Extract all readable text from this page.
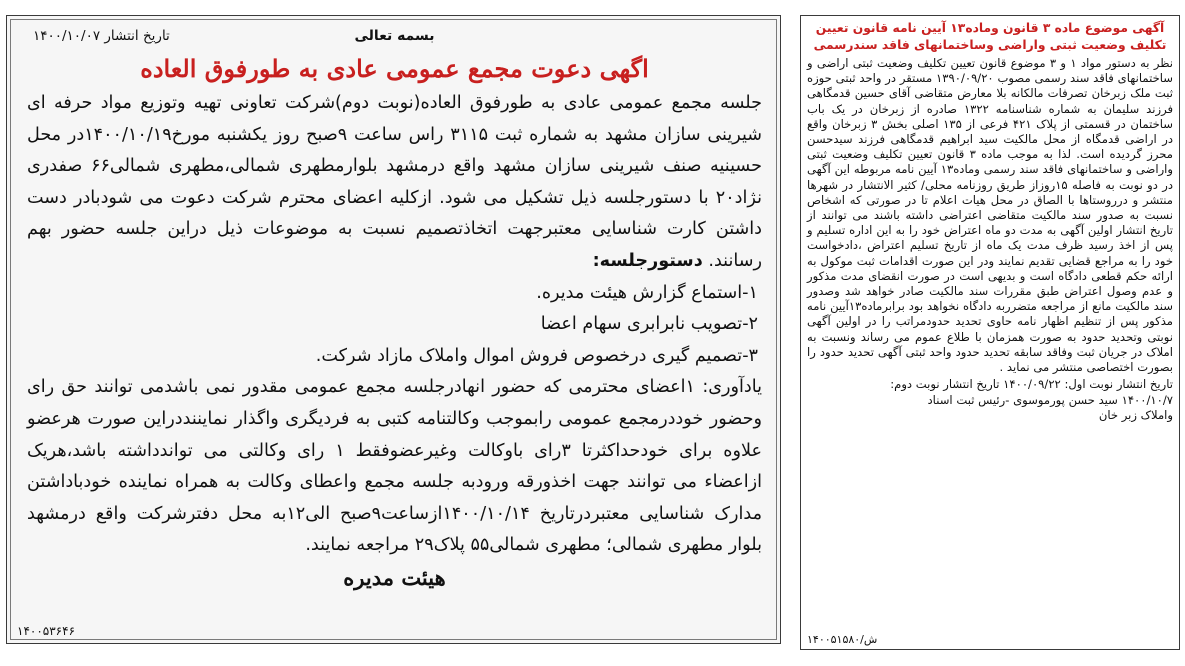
بسمه تعالی
تاریخ انتشار ۱۴۰۰/۱۰/۰۷
اگهی دعوت مجمع عمومی عادی به طورفوق العاده

جلسه مجمع عمومی عادی به طورفوق العاده(نوبت دوم)شرکت تعاونی تهیه وتوزیع مواد حرفه ای شیرینی سازان مشهد به شماره ثبت ۳۱۱۵ راس ساعت ۹صبح روز یکشنبه مورخ۱۴۰۰/۱۰/۱۹در محل حسینیه صنف شیرینی سازان مشهد واقع درمشهد بلوارمطهری شمالی،مطهری شمالی۶۶ صفدری نژاد۲۰ با دستورجلسه ذیل تشکیل می شود. ازکلیه اعضای محترم شرکت دعوت می شودبادر دست داشتن کارت شناسایی معتبرجهت اتخاذتصمیم نسبت به موضوعات ذیل دراین جلسه حضور بهم رسانند. دستورجلسه:

۱-استماع گزارش هیئت مدیره.
۲-تصویب نابرابری سهام اعضا
۳-تصمیم گیری درخصوص فروش اموال واملاک مازاد شرکت.
یادآوری: ۱اعضای محترمی که حضور انهادرجلسه مجمع عمومی مقدور نمی باشدمی توانند حق رای وحضور خوددرمجمع عمومی رابموجب وکالتنامه کتبی به فردیگری واگذار نمایننددراین صورت هرعضو علاوه برای خودحداکثرتا ۳رای باوکالت وغیرعضوفقط ۱ رای وکالتی می تواندداشته باشد،هریک ازاعضاء می توانند جهت اخذورقه ورودبه جلسه مجمع واعطای وکالت به همراه نماینده خودباداشتن مدارک شناسایی معتبردرتاریخ ۱۴۰۰/۱۰/۱۴ازساعت۹صبح الی۱۲به محل دفترشرکت واقع درمشهد بلوار مطهری شمالی؛ مطهری شمالی۵۵ پلاک۲۹ مراجعه نمایند.
هیئت مدیره
۱۴۰۰۵۳۶۴۶
آگهی موضوع ماده ۳ قانون وماده۱۳ آیین نامه قانون تعیین تکلیف وضعیت ثبتی واراضی وساختمانهای فاقد سندرسمی
نظر به دستور مواد ۱ و ۳ موضوع قانون تعیین تکلیف وضعیت ثبتی اراضی و ساختمانهای فاقد سند رسمی مصوب ۱۳۹۰/۰۹/۲۰ مستقر در واحد ثبتی حوزه ثبت ملک زبرخان تصرفات مالکانه بلا معارض متقاضی آقای حسین قدمگاهی فرزند سلیمان به شماره شناسنامه ۱۳۲۲ صادره از زبرخان در یک باب ساختمان در قسمتی از پلاک ۴۲۱ فرعی از ۱۳۵ اصلی بخش ۳ زبرخان واقع در اراضی قدمگاه از محل مالکیت سید ابراهیم قدمگاهی فرزند سیدحسن محرز گردیده است. لذا به موجب ماده ۳ قانون تعیین تکلیف وضعیت ثبتی واراضی و ساختمانهای فاقد سند رسمی وماده۱۳ آیین نامه مربوطه این آگهی در دو نوبت به فاصله ۱۵روزاز طریق روزنامه محلی/ کثیر الانتشار در شهرها منتشر و درروستاها با الصاق در محل هیات اعلام تا در صورتی که اشخاص نسبت به صدور سند مالکیت متقاضی اعتراضی داشته باشند می توانند از تاریخ انتشار اولین آگهی به مدت دو ماه اعتراض خود را به این اداره تسلیم و پس از اخذ رسید ظرف مدت یک ماه از تاریخ تسلیم اعتراض ،دادخواست خود را به مراجع قضایی تقدیم نمایند ودر این صورت اقدامات ثبت موکول به ارائه حکم قطعی دادگاه است و بدیهی است در صورت انقضای مدت مذکور و عدم وصول اعتراض طبق مقررات سند مالکیت صادر خواهد شد وصدور سند مالکیت مانع از مراجعه متضرربه دادگاه نخواهد بود برابرماده۱۳آیین نامه مذکور پس از تنظیم اظهار نامه حاوی تحدید حدودمراتب را در اولین آگهی نوبتی وتحدید حدود به صورت همزمان با طلاع عموم می رساند ونسبت به املاک در جریان ثبت وفاقد سابقه تحدید حدود واحد ثبتی آگهی تحدید حدود را بصورت اختصاصی منتشر می نماید .
تاریخ انتشار نوبت اول: ۱۴۰۰/۰۹/۲۲ تاریخ انتشار نوبت دوم:
۱۴۰۰/۱۰/۷ سید حسن پورموسوی -رئیس ثبت اسناد
واملاک زبر خان
۱۴۰۰۵۱۵۸۰/ش
